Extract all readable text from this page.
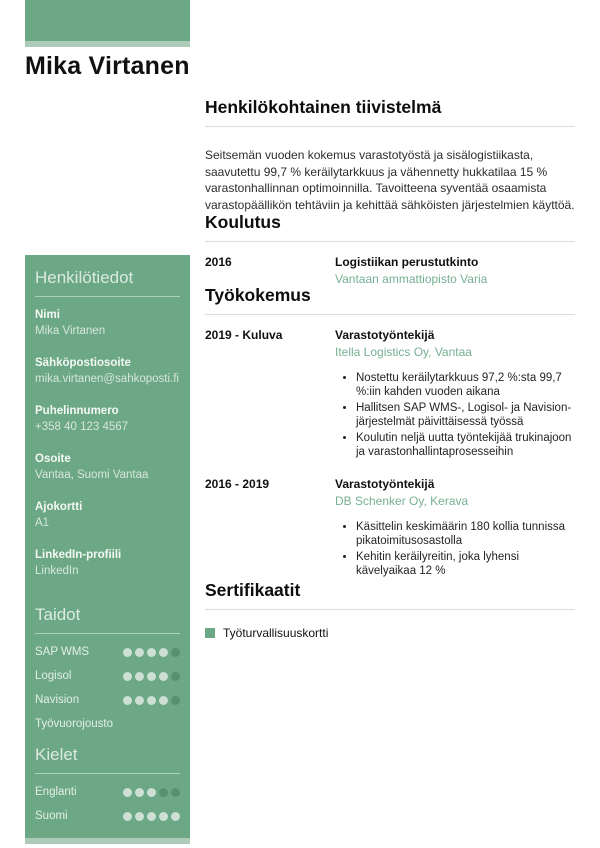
Mika Virtanen
Henkilötiedot
Nimi
Mika Virtanen
Sähköpostiosoite
mika.virtanen@sahkoposti.fi
Puhelinnumero
+358 40 123 4567
Osoite
Vantaa, Suomi Vantaa
Ajokortti
A1
LinkedIn-profiili
LinkedIn
Taidot
SAP WMS
Logisol
Navision
Työvuorojousto
Kielet
Englanti
Suomi
Henkilökohtainen tiivistelmä

Seitsemän vuoden kokemus varastotyöstä ja sisälogistiikasta, saavutettu 99,7 % keräilytarkkuus ja vähennetty hukkatilaa 15 % varastonhallinnan optimoinnilla. Tavoitteena syventää osaamista varastopäällikön tehtäviin ja kehittää sähköisten järjestelmien käyttöä.

Koulutus
2016	Logistiikan perustutkinto
Vantaan ammattiopisto Varia
Työkokemus
2019 - Kuluva	Varastotyöntekijä
Itella Logistics Oy, Vantaa
• Nostettu keräilytarkkuus 97,2 %:sta 99,7 %:iin kahden vuoden aikana
• Hallitsen SAP WMS-, Logisol- ja Navision-järjestelmät päivittäisessä työssä
• Koulutin neljä uutta työntekijää trukinajoon ja varastonhallintaprosesseihin
2016 - 2019	Varastotyöntekijä
DB Schenker Oy, Kerava
• Käsittelin keskimäärin 180 kollia tunnissa pikatoimitusosastolla
• Kehitin keräilyreitin, joka lyhensi kävelyaikaa 12 %
Sertifikaatit
Työturvallisuuskortti
